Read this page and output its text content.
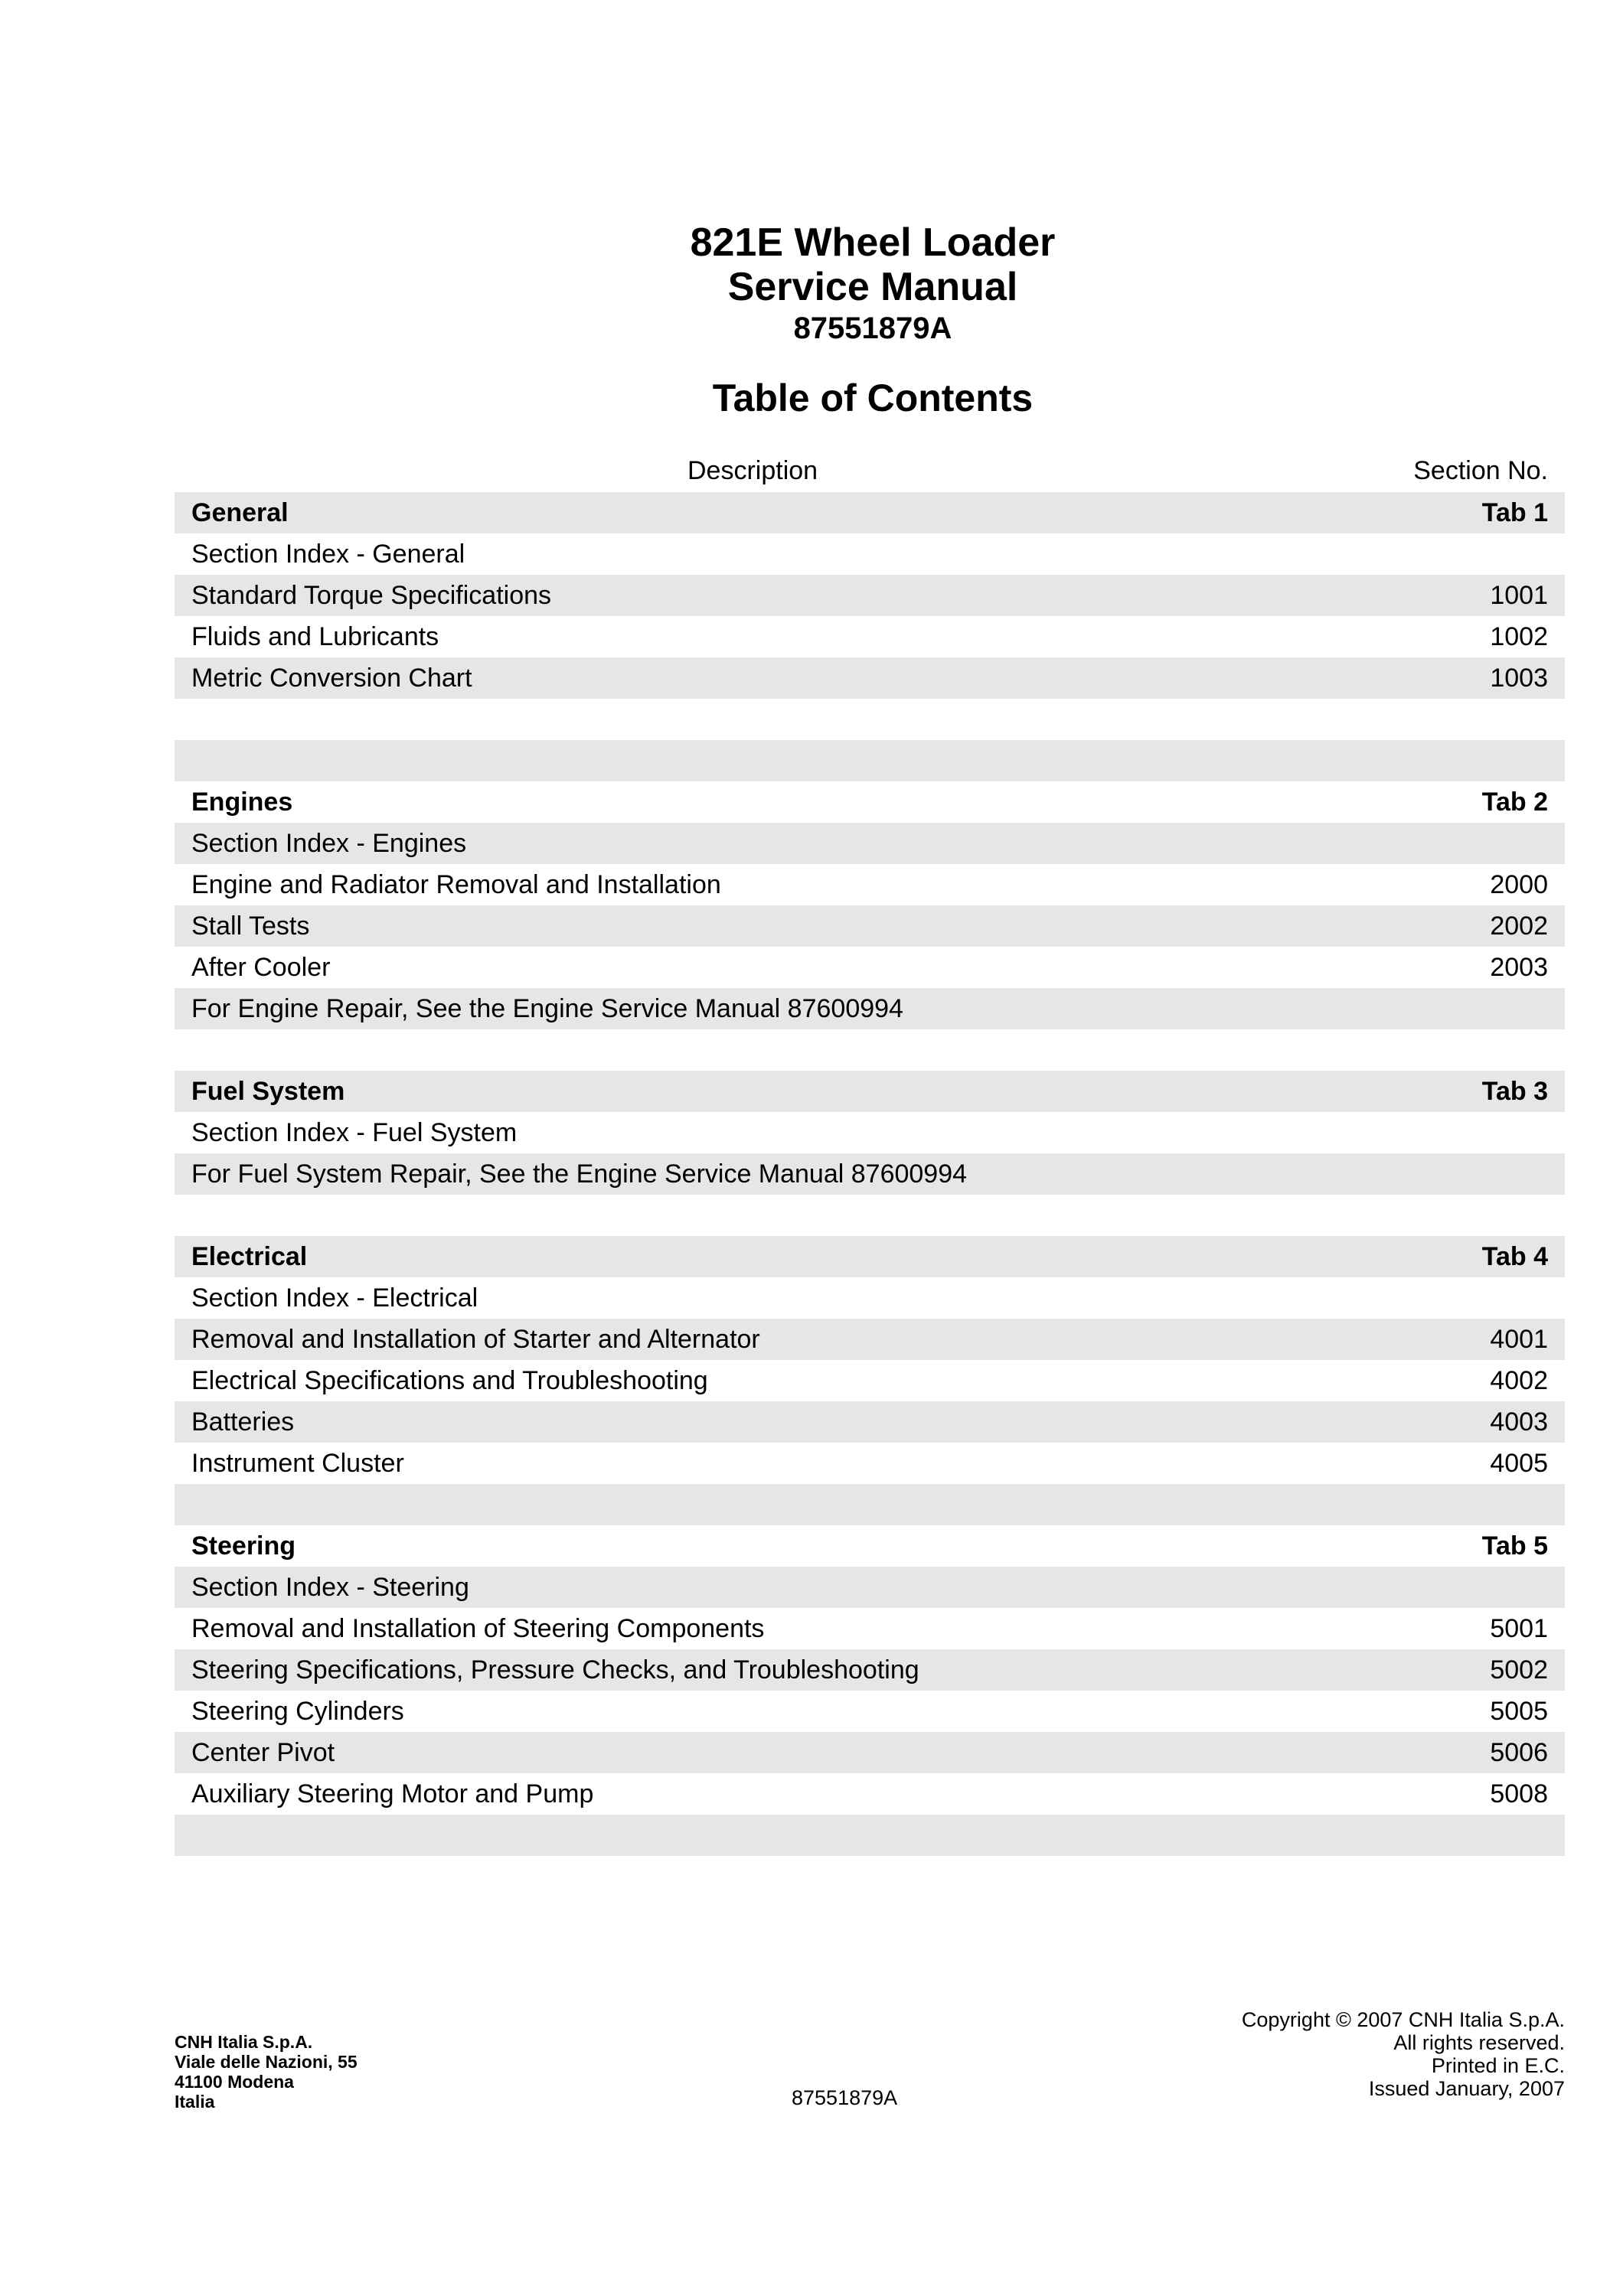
821E Wheel Loader
Service Manual
87551879A
Table of Contents
Description	Section No.
General	Tab 1
Section Index - General
Standard Torque Specifications	1001
Fluids and Lubricants	1002
Metric Conversion Chart	1003
Engines	Tab 2
Section Index - Engines
Engine and Radiator Removal and Installation	2000
Stall Tests	2002
After Cooler	2003
For Engine Repair, See the Engine Service Manual 87600994
Fuel System	Tab 3
Section Index - Fuel System
For Fuel System Repair, See the Engine Service Manual 87600994
Electrical	Tab 4
Section Index - Electrical
Removal and Installation of Starter and Alternator	4001
Electrical Specifications and Troubleshooting	4002
Batteries	4003
Instrument Cluster	4005
Steering	Tab 5
Section Index - Steering
Removal and Installation of Steering Components	5001
Steering Specifications, Pressure Checks, and Troubleshooting	5002
Steering Cylinders	5005
Center Pivot	5006
Auxiliary Steering Motor and Pump	5008
CNH Italia S.p.A.
Viale delle Nazioni, 55
41100 Modena
Italia	87551879A
Copyright © 2007 CNH Italia S.p.A.
All rights reserved.
Printed in E.C.
Issued January, 2007
